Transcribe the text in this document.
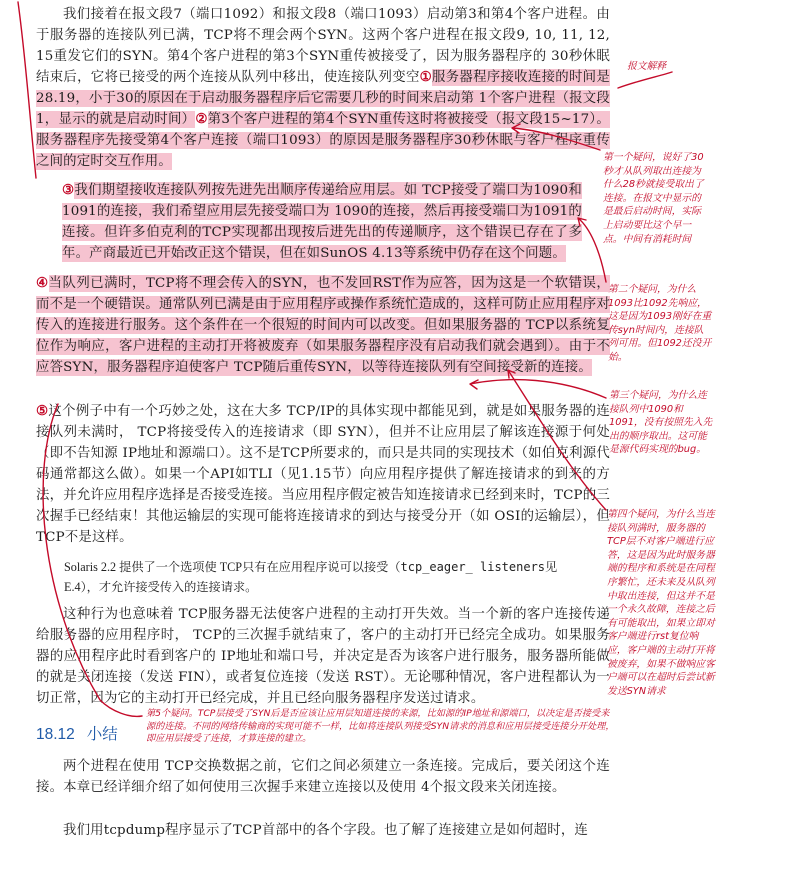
我们接着在报文段7（端口1092）和报文段8（端口1093）启动第3和第4个客户进程。由于服务器的连接队列已满，TCP将不理会两个SYN。这两个客户进程在报文段9, 10, 11, 12, 15重发它们的SYN。第4个客户进程的第3个SYN重传被接受了，因为服务器程序的 30秒休眠结束后，它将已接受的两个连接从队列中移出，使连接队列变空①服务器程序接收连接的时间是28.19，小于30的原因在于启动服务器程序后它需要几秒的时间来启动第 1个客户进程（报文段1，显示的就是启动时间）②第3个客户进程的第4个SYN重传这时将被接受（报文段15~17）。服务器程序先接受第4个客户连接（端口1093）的原因是服务器程序30秒休眠与客户程序重传之间的定时交互作用。
③我们期望接收连接队列按先进先出顺序传递给应用层。如 TCP接受了端口为1090和1091的连接，我们希望应用层先接受端口为 1090的连接，然后再接受端口为1091的连接。但许多伯克利的TCP实现都出现按后进先出的传递顺序，这个错误已存在了多年。产商最近已开始改正这个错误，但在如SunOS 4.13等系统中仍存在这个问题。
④当队列已满时，TCP将不理会传入的SYN，也不发回RST作为应答，因为这是一个软错误，而不是一个硬错误。通常队列已满是由于应用程序或操作系统忙造成的，这样可防止应用程序对传入的连接进行服务。这个条件在一个很短的时间内可以改变。但如果服务器的 TCP以系统复位作为响应，客户进程的主动打开将被废弃（如果服务器程序没有启动我们就会遇到）。由于不应答SYN，服务器程序迫使客户 TCP随后重传SYN，以等待连接队列有空间接受新的连接。
⑤这个例子中有一个巧妙之处，这在大多 TCP/IP的具体实现中都能见到，就是如果服务器的连接队列未满时， TCP将接受传入的连接请求（即 SYN），但并不让应用层了解该连接源于何处（即不告知源 IP地址和源端口）。这不是TCP所要求的，而只是共同的实现技术（如伯克利源代码通常都这么做）。如果一个API如TLI（见1.15节）向应用程序提供了解连接请求的到来的方法，并允许应用程序选择是否接受连接。当应用程序假定被告知连接请求已经到来时，TCP的三次握手已经结束！其他运输层的实现可能将连接请求的到达与接受分开（如 OSI的运输层），但TCP不是这样。
Solaris 2.2 提供了一个选项使 TCP只有在应用程序说可以接受（tcp_eager_ listeners见E.4），才允许接受传入的连接请求。
这种行为也意味着 TCP服务器无法使客户进程的主动打开失效。当一个新的客户连接传递给服务器的应用程序时， TCP的三次握手就结束了，客户的主动打开已经完全成功。如果服务器的应用程序此时看到客户的 IP地址和端口号，并决定是否为该客户进行服务，服务器所能做的就是关闭连接（发送 FIN），或者复位连接（发送 RST）。无论哪种情况，客户进程都认为一切正常，因为它的主动打开已经完成，并且已经向服务器程序发送过请求。
18.12 小结
两个进程在使用 TCP交换数据之前，它们之间必须建立一条连接。完成后，要关闭这个连接。本章已经详细介绍了如何使用三次握手来建立连接以及使用 4个报文段来关闭连接。
我们用tcpdump程序显示了TCP首部中的各个字段。也了解了连接建立是如何超时，连
报文解释
第一个疑问，说好了30秒才从队列取出连接为什么28秒就接受取出了连接。在报文中显示的是最后启动时间，实际上启动要比这个早一点。中间有消耗时间
第二个疑问，为什么1093比1092先响应，这是因为1093刚好在重传syn时间内，连接队列可用。但1092还没开始。
第三个疑问，为什么连接队列中1090和1091，没有按照先入先出的顺序取出。这可能是源代码实现的bug。
第四个疑问，为什么当连接队列满时，服务器的TCP层不对客户端进行应答，这是因为此时服务器端的程序和系统是在同程序繁忙，还未来及从队列中取出连接，但这并不是一个永久故障，连接之后有可能取出，如果立即对客户端进行rst复位响应，客户端的主动打开将被废弃，如果不做响应客户端可以在超时后尝试新发送SYN请求
第5个疑问。TCP层接受了SYN后是否应该让应用层知道连接的来源，比如源的IP地址和源端口，以决定是否接受来源的连接。不同的网络传输商的实现可能不一样，比如将连接队列接受SYN请求的消息和应用层接受连接分开处理，即应用层接受了连接，才算连接的建立。
